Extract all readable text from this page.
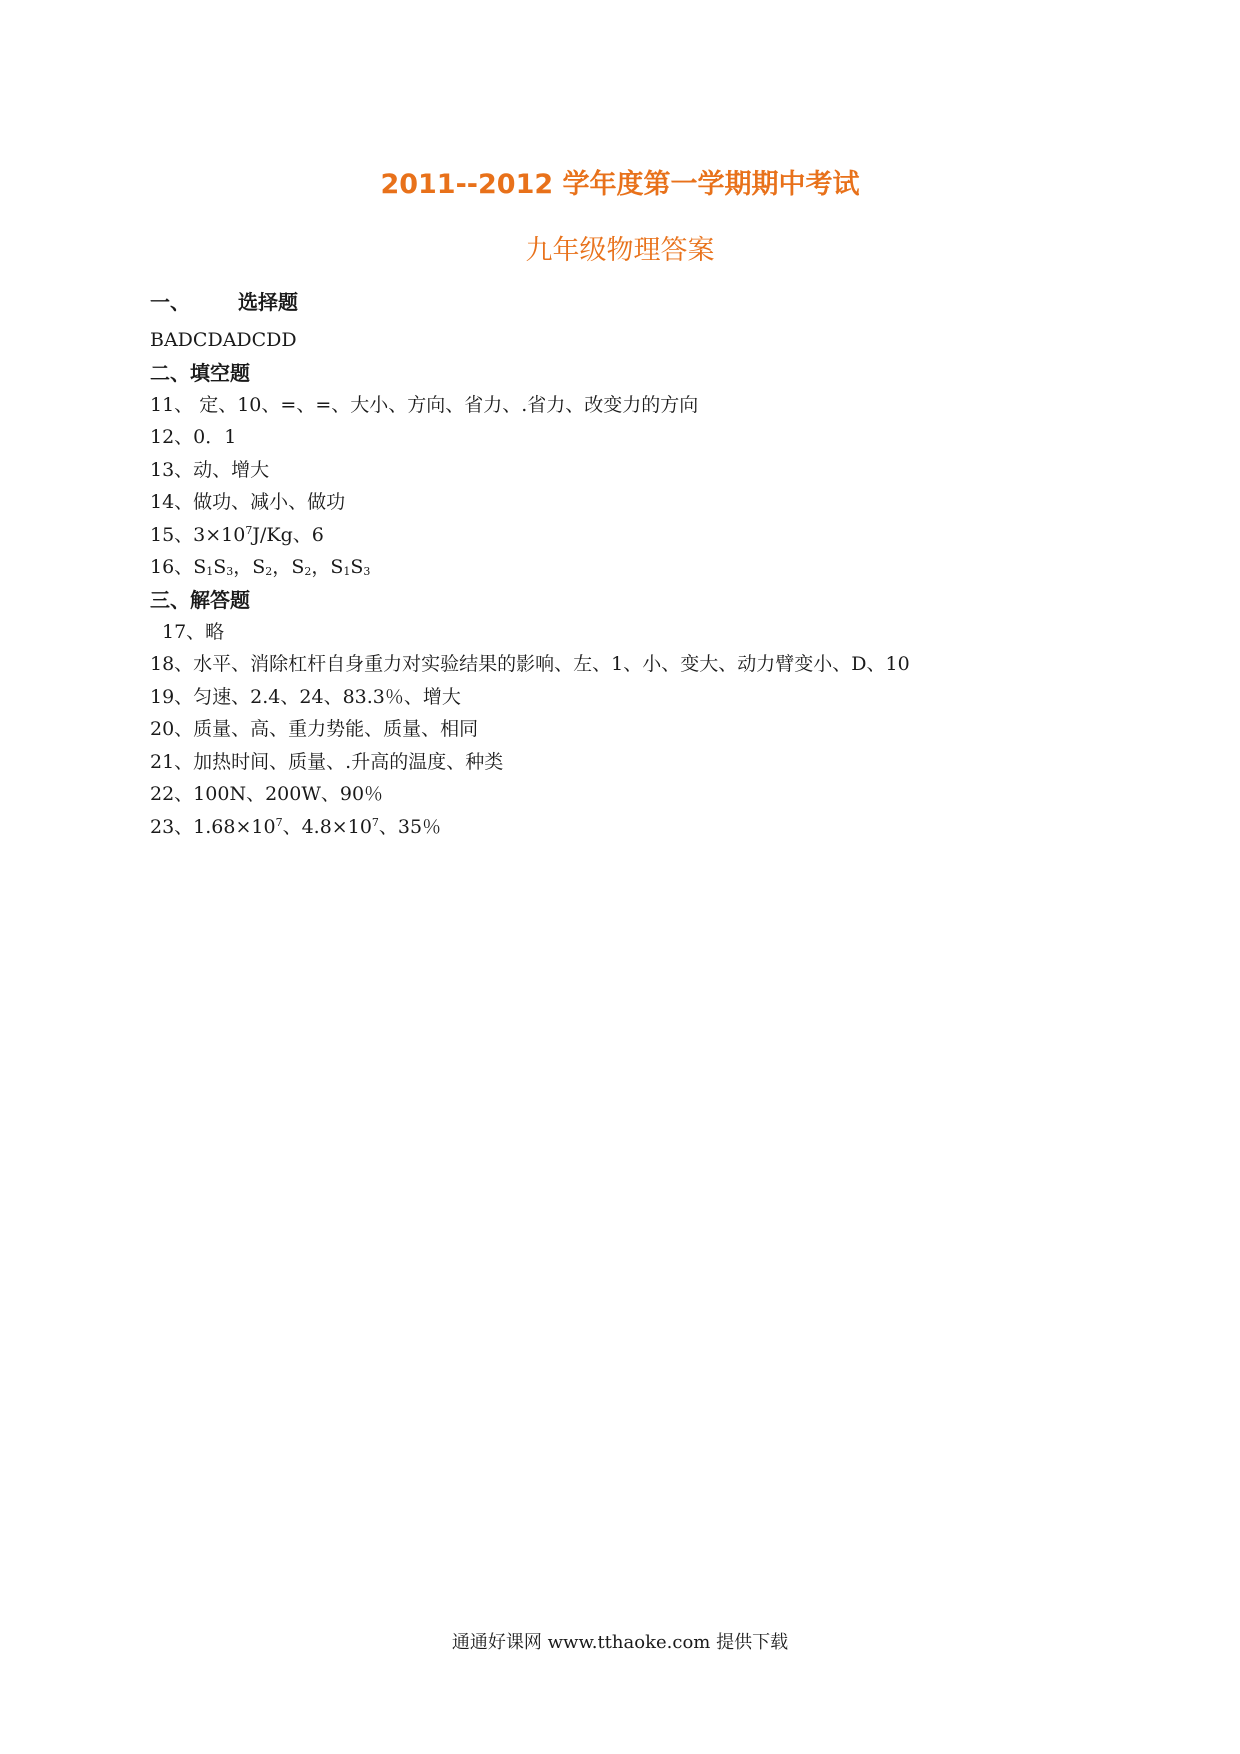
2011--2012 学年度第一学期期中考试
九年级物理答案
一、 选择题
BADCDADCDD
二、填空题
11、 定、10、=、=、大小、方向、省力、.省力、改变力的方向
12、0．1
13、动、增大
14、做功、减小、做功
15、$3\times 10^7J/Kg$、6
16、$S_1S_3$，$S_2$，$S_2$，$S_1S_3$
三、解答题
17、略
18、水平、消除杠杆自身重力对实验结果的影响、左、1、小、变大、动力臂变小、D、10
19、匀速、2.4、24、83.3％、增大
20、质量、高、重力势能、质量、相同
21、加热时间、质量、.升高的温度、种类
22、100N、200W、90％
23、$1.68\times 10^7$、$4.8\times 10^7$、35％
通通好课网 www.tthaoke.com 提供下载
